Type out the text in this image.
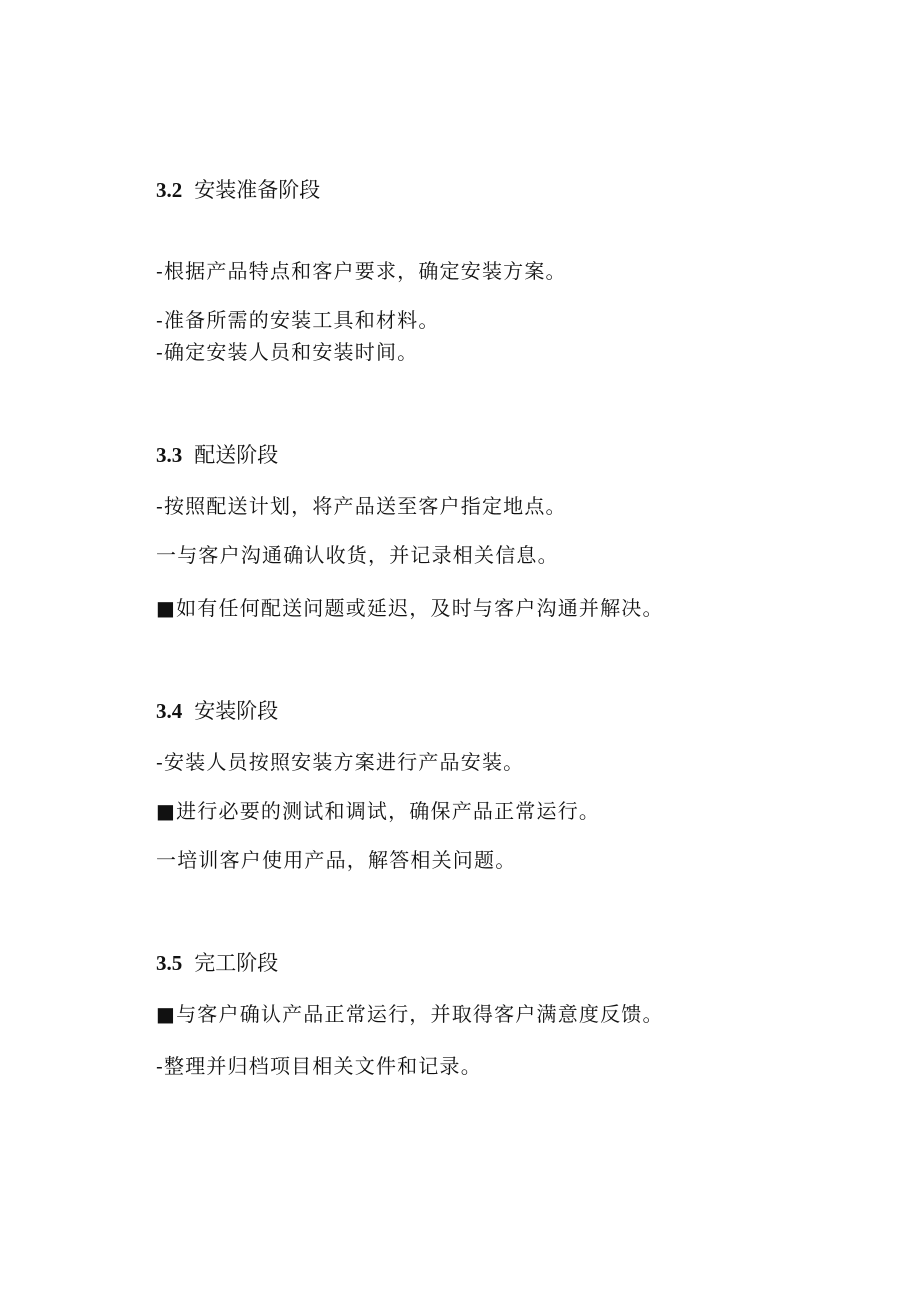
3.2 安装准备阶段
-根据产品特点和客户要求，确定安装方案。
-准备所需的安装工具和材料。
-确定安装人员和安装时间。
3.3 配送阶段
-按照配送计划，将产品送至客户指定地点。
一与客户沟通确认收货，并记录相关信息。
■如有任何配送问题或延迟，及时与客户沟通并解决。
3.4 安装阶段
-安装人员按照安装方案进行产品安装。
■进行必要的测试和调试，确保产品正常运行。
一培训客户使用产品，解答相关问题。
3.5 完工阶段
■与客户确认产品正常运行，并取得客户满意度反馈。
-整理并归档项目相关文件和记录。
